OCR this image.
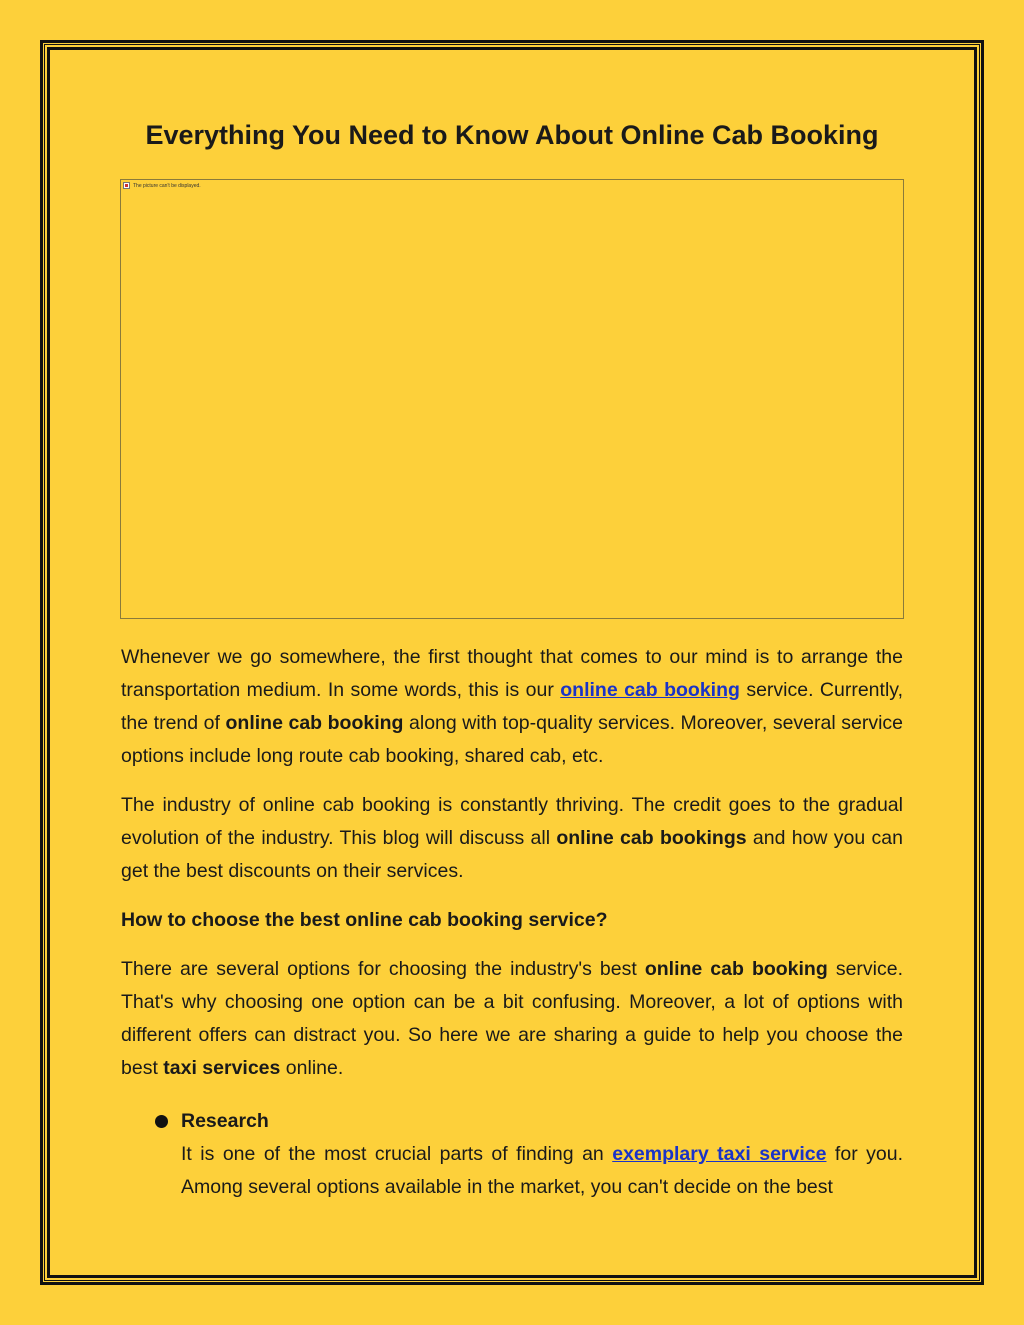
Everything You Need to Know About Online Cab Booking
The picture can't be displayed.

Whenever we go somewhere, the first thought that comes to our mind is to arrange the transportation medium. In some words, this is our online cab booking service. Currently, the trend of online cab booking along with top-quality services. Moreover, several service options include long route cab booking, shared cab, etc.

The industry of online cab booking is constantly thriving. The credit goes to the gradual evolution of the industry. This blog will discuss all online cab bookings and how you can get the best discounts on their services.

How to choose the best online cab booking service?

There are several options for choosing the industry's best online cab booking service. That's why choosing one option can be a bit confusing. Moreover, a lot of options with different offers can distract you. So here we are sharing a guide to help you choose the best taxi services online.

Research
It is one of the most crucial parts of finding an exemplary taxi service for you. Among several options available in the market, you can't decide on the best
